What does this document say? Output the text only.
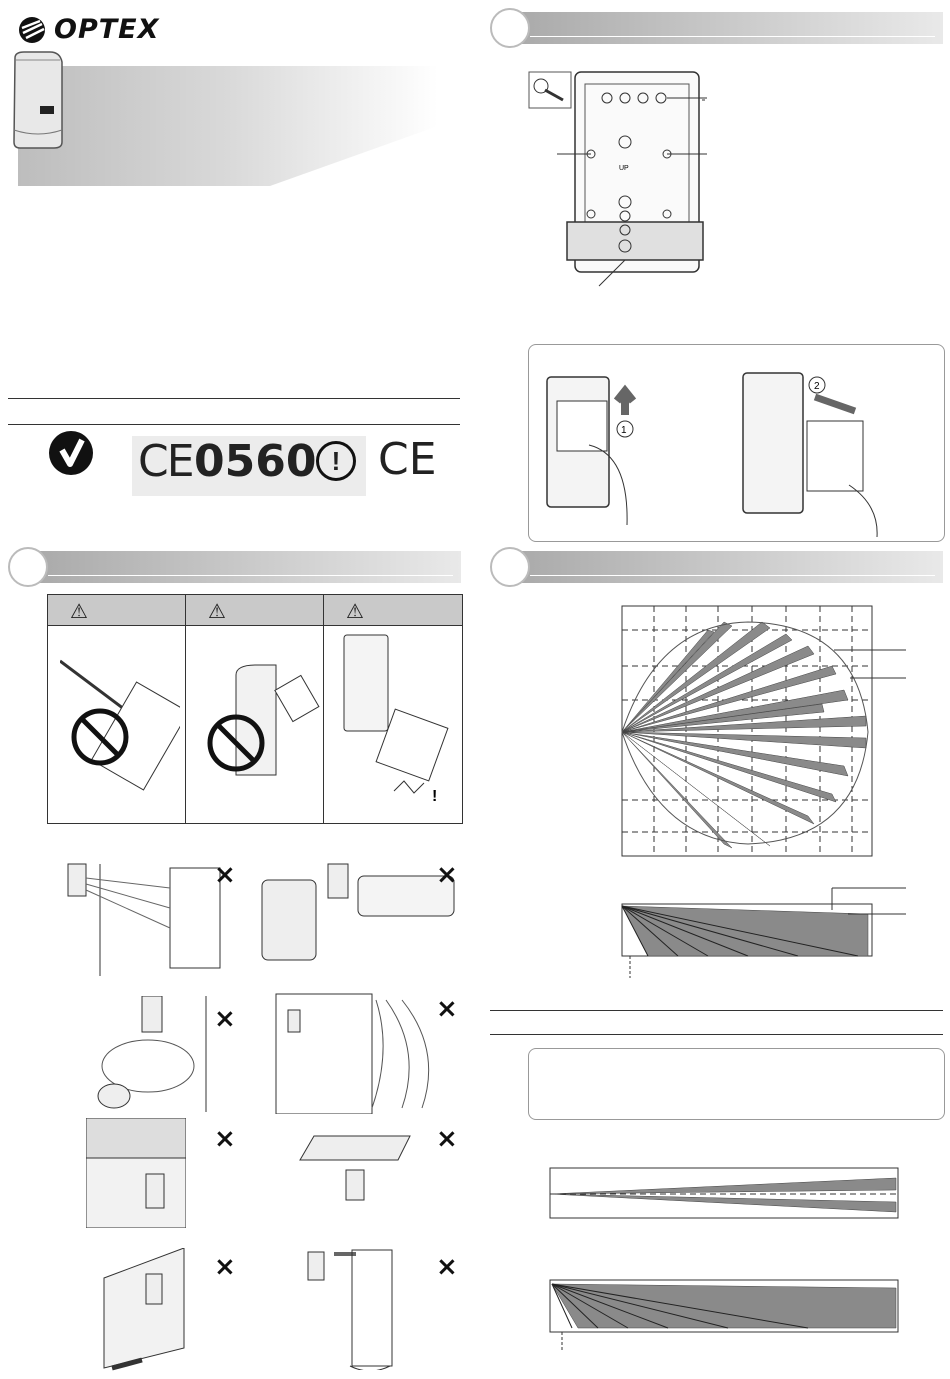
OPTEX
CE 0560 ! CE
UP
1
2
⚠	⚠	⚠
!
×	×
×	×
×	×
×	×
